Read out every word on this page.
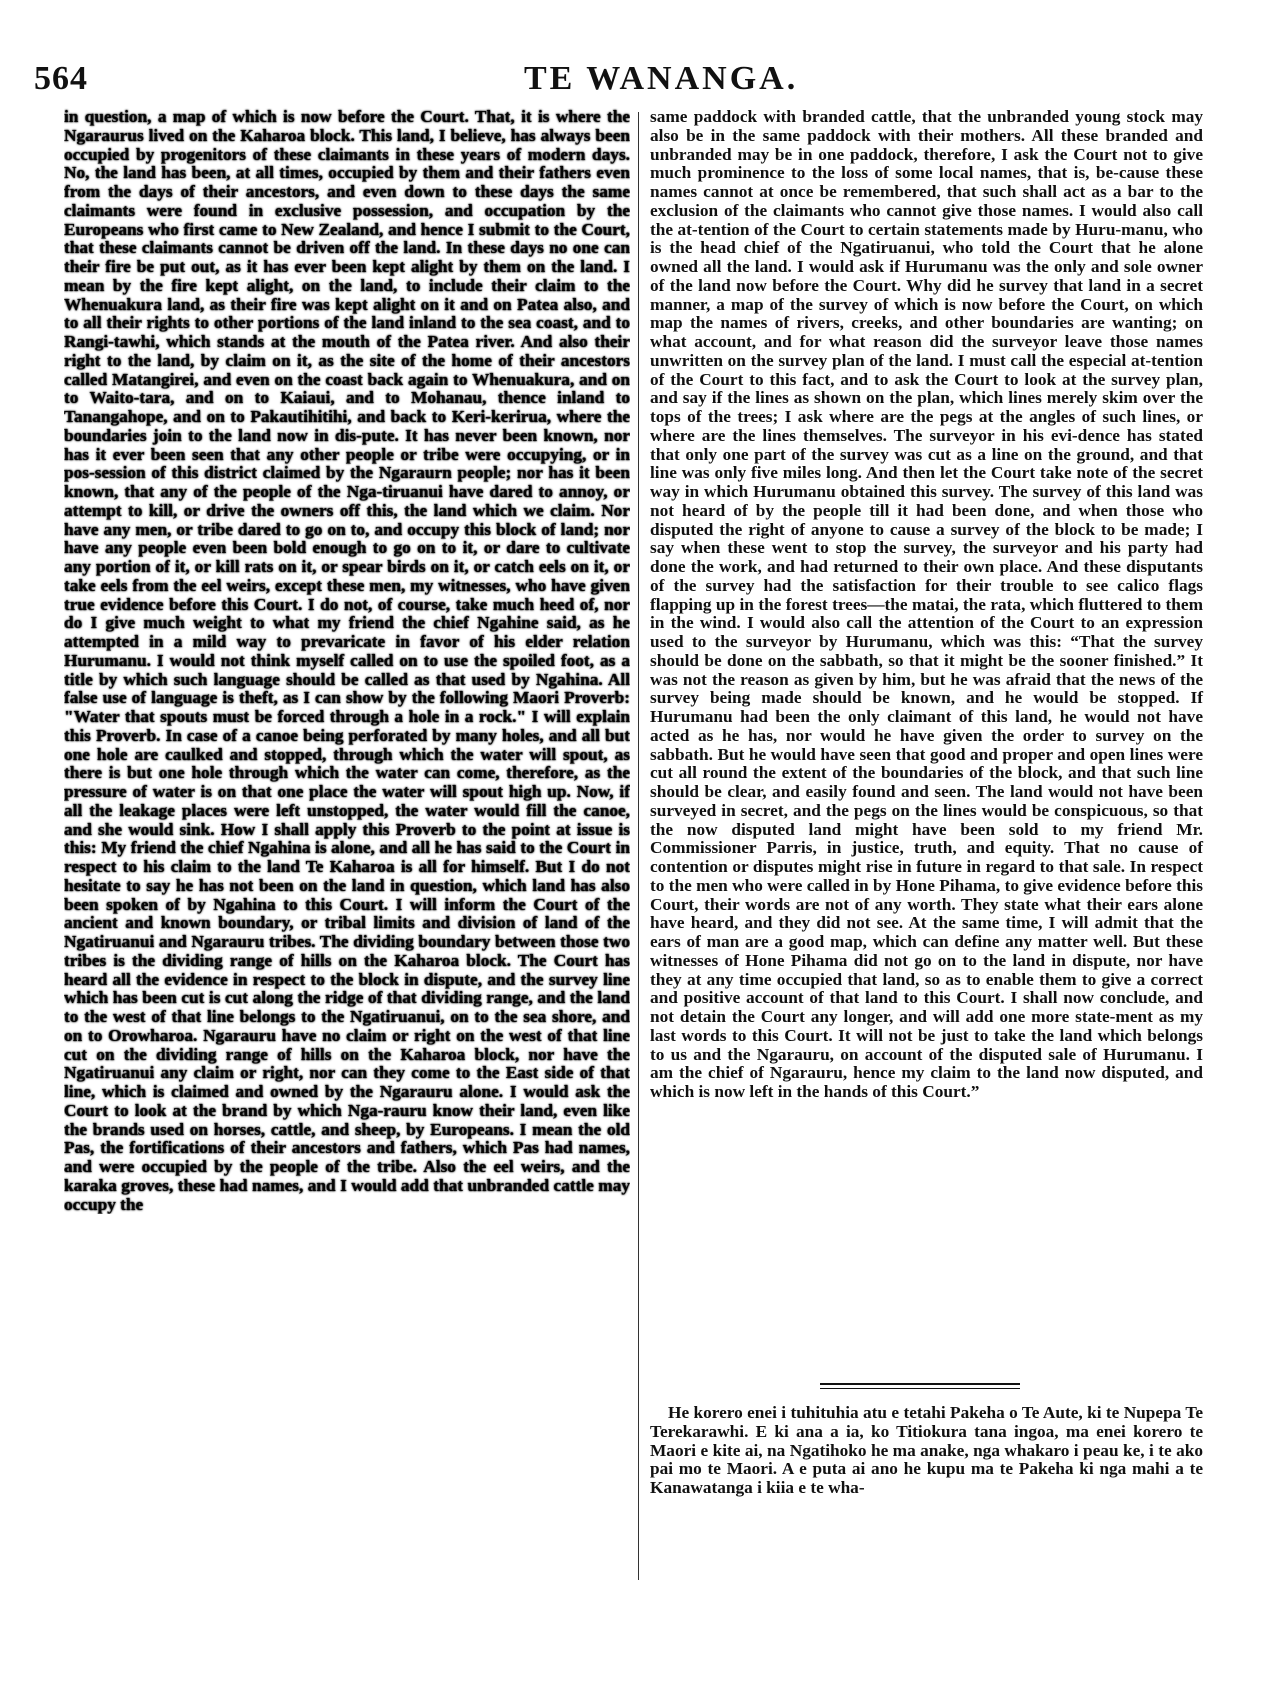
564	TE WANANGA.

in question, a map of which is now before the Court. That, it is where the Ngaraurus lived on the Kaharoa block. This land, I believe, has always been occupied by progenitors of these claimants in these years of modern days. No, the land has been, at all times, occupied by them and their fathers even from the days of their ancestors, and even down to these days the same claimants were found in exclusive possession, and occupation by the Europeans who first came to New Zealand, and hence I submit to the Court, that these claimants cannot be driven off the land. In these days no one can their fire be put out, as it has ever been kept alight by them on the land. I mean by the fire kept alight, on the land, to include their claim to the Whenuakura land, as their fire was kept alight on it and on Patea also, and to all their rights to other portions of the land inland to the sea coast, and to Rangi-tawhi, which stands at the mouth of the Patea river. And also their right to the land, by claim on it, as the site of the home of their ancestors called Matangirei, and even on the coast back again to Whenuakura, and on to Waito-tara, and on to Kaiaui, and to Mohanau, thence inland to Tanangahope, and on to Pakautihitihi, and back to Keri-kerirua, where the boundaries join to the land now in dis-pute. It has never been known, nor has it ever been seen that any other people or tribe were occupying, or in pos-session of this district claimed by the Ngaraurn people; nor has it been known, that any of the people of the Nga-tiruanui have dared to annoy, or attempt to kill, or drive the owners off this, the land which we claim. Nor have any men, or tribe dared to go on to, and occupy this block of land; nor have any people even been bold enough to go on to it, or dare to cultivate any portion of it, or kill rats on it, or spear birds on it, or catch eels on it, or take eels from the eel weirs, except these men, my witnesses, who have given true evidence before this Court. I do not, of course, take much heed of, nor do I give much weight to what my friend the chief Ngahine said, as he attempted in a mild way to prevaricate in favor of his elder relation Hurumanu. I would not think myself called on to use the spoiled foot, as a title by which such language should be called as that used by Ngahina. All false use of language is theft, as I can show by the following Maori Proverb: "Water that spouts must be forced through a hole in a rock." I will explain this Proverb. In case of a canoe being perforated by many holes, and all but one hole are caulked and stopped, through which the water will spout, as there is but one hole through which the water can come, therefore, as the pressure of water is on that one place the water will spout high up. Now, if all the leakage places were left unstopped, the water would fill the canoe, and she would sink. How I shall apply this Proverb to the point at issue is this: My friend the chief Ngahina is alone, and all he has said to the Court in respect to his claim to the land Te Kaharoa is all for himself. But I do not hesitate to say he has not been on the land in question, which land has also been spoken of by Ngahina to this Court. I will inform the Court of the ancient and known boundary, or tribal limits and division of land of the Ngatiruanui and Ngarauru tribes. The dividing boundary between those two tribes is the dividing range of hills on the Kaharoa block. The Court has heard all the evidence in respect to the block in dispute, and the survey line which has been cut is cut along the ridge of that dividing range, and the land to the west of that line belongs to the Ngatiruanui, on to the sea shore, and on to Orowharoa. Ngarauru have no claim or right on the west of that line cut on the dividing range of hills on the Kaharoa block, nor have the Ngatiruanui any claim or right, nor can they come to the East side of that line, which is claimed and owned by the Ngarauru alone. I would ask the Court to look at the brand by which Nga-rauru know their land, even like the brands used on horses, cattle, and sheep, by Europeans. I mean the old Pas, the fortifications of their ancestors and fathers, which Pas had names, and were occupied by the people of the tribe. Also the eel weirs, and the karaka groves, these had names, and I would add that unbranded cattle may occupy the

same paddock with branded cattle, that the unbranded young stock may also be in the same paddock with their mothers. All these branded and unbranded may be in one paddock, therefore, I ask the Court not to give much prominence to the loss of some local names, that is, be-cause these names cannot at once be remembered, that such shall act as a bar to the exclusion of the claimants who cannot give those names. I would also call the at-tention of the Court to certain statements made by Huru-manu, who is the head chief of the Ngatiruanui, who told the Court that he alone owned all the land. I would ask if Hurumanu was the only and sole owner of the land now before the Court. Why did he survey that land in a secret manner, a map of the survey of which is now before the Court, on which map the names of rivers, creeks, and other boundaries are wanting; on what account, and for what reason did the surveyor leave those names unwritten on the survey plan of the land. I must call the especial at-tention of the Court to this fact, and to ask the Court to look at the survey plan, and say if the lines as shown on the plan, which lines merely skim over the tops of the trees; I ask where are the pegs at the angles of such lines, or where are the lines themselves. The surveyor in his evi-dence has stated that only one part of the survey was cut as a line on the ground, and that line was only five miles long. And then let the Court take note of the secret way in which Hurumanu obtained this survey. The survey of this land was not heard of by the people till it had been done, and when those who disputed the right of anyone to cause a survey of the block to be made; I say when these went to stop the survey, the surveyor and his party had done the work, and had returned to their own place. And these disputants of the survey had the satisfaction for their trouble to see calico flags flapping up in the forest trees—the matai, the rata, which fluttered to them in the wind. I would also call the attention of the Court to an expression used to the surveyor by Hurumanu, which was this: “That the survey should be done on the sabbath, so that it might be the sooner finished.” It was not the reason as given by him, but he was afraid that the news of the survey being made should be known, and he would be stopped. If Hurumanu had been the only claimant of this land, he would not have acted as he has, nor would he have given the order to survey on the sabbath. But he would have seen that good and proper and open lines were cut all round the extent of the boundaries of the block, and that such line should be clear, and easily found and seen. The land would not have been surveyed in secret, and the pegs on the lines would be conspicuous, so that the now disputed land might have been sold to my friend Mr. Commissioner Parris, in justice, truth, and equity. That no cause of contention or disputes might rise in future in regard to that sale. In respect to the men who were called in by Hone Pihama, to give evidence before this Court, their words are not of any worth. They state what their ears alone have heard, and they did not see. At the same time, I will admit that the ears of man are a good map, which can define any matter well. But these witnesses of Hone Pihama did not go on to the land in dispute, nor have they at any time occupied that land, so as to enable them to give a correct and positive account of that land to this Court. I shall now conclude, and not detain the Court any longer, and will add one more state-ment as my last words to this Court. It will not be just to take the land which belongs to us and the Ngarauru, on account of the disputed sale of Hurumanu. I am the chief of Ngarauru, hence my claim to the land now disputed, and which is now left in the hands of this Court.”

He korero enei i tuhituhia atu e tetahi Pakeha o Te Aute, ki te Nupepa Te Terekarawhi. E ki ana a ia, ko Titiokura tana ingoa, ma enei korero te Maori e kite ai, na Ngatihoko he ma anake, nga whakaro i peau ke, i te ako pai mo te Maori. A e puta ai ano he kupu ma te Pakeha ki nga mahi a te Kanawatanga i kiia e te wha-
